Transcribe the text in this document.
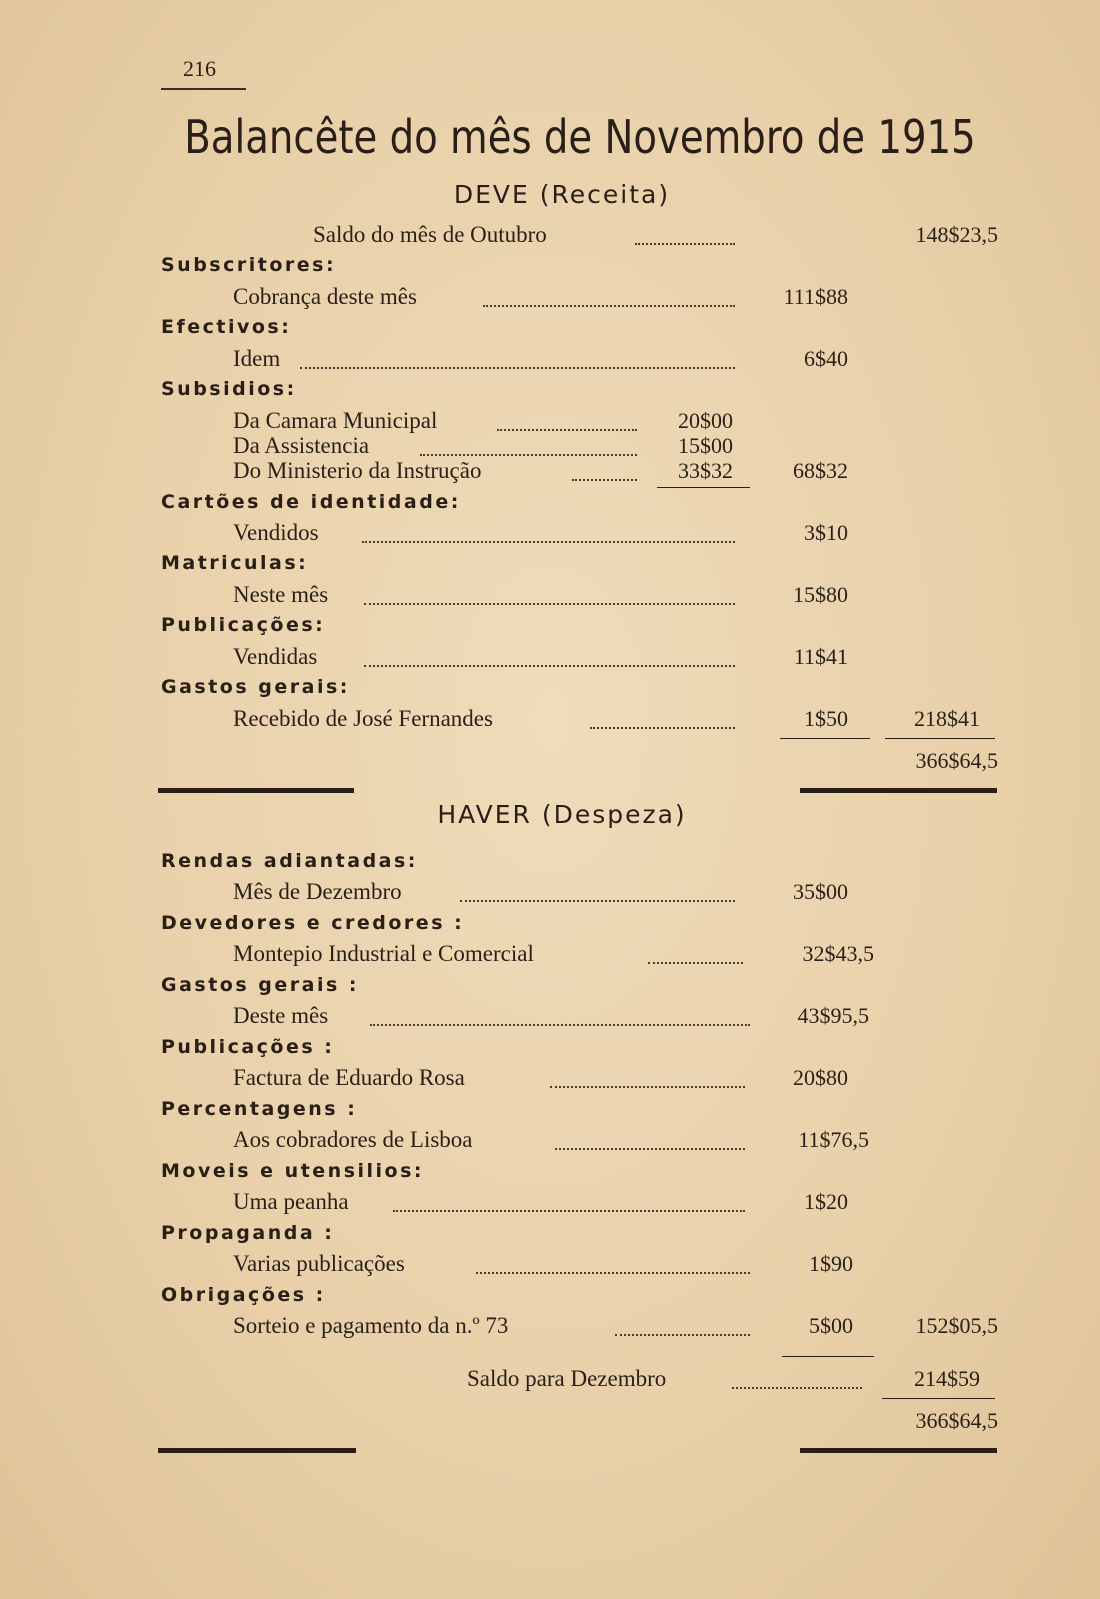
216
Balancête do mês de Novembro de 1915
DEVE (Receita)
Saldo do mês de Outubro	148$23,5
Subscritores:
Cobrança deste mês	111$88
Efectivos:
Idem	6$40
Subsidios:
Da Camara Municipal	20$00
Da Assistencia	15$00
Do Ministerio da Instrução	33$32	68$32
Cartões de identidade:
Vendidos	3$10
Matriculas:
Neste mês	15$80
Publicações:
Vendidas	11$41
Gastos gerais:
Recebido de José Fernandes	1$50	218$41
366$64,5
HAVER (Despeza)
Rendas adiantadas:
Mês de Dezembro	35$00
Devedores e credores :
Montepio Industrial e Comercial	32$43,5
Gastos gerais :
Deste mês	43$95,5
Publicações :
Factura de Eduardo Rosa	20$80
Percentagens :
Aos cobradores de Lisboa	11$76,5
Moveis e utensilios:
Uma peanha	1$20
Propaganda :
Varias publicações	1$90
Obrigações :
Sorteio e pagamento da n.º 73	5$00	152$05,5
Saldo para Dezembro	214$59
366$64,5
